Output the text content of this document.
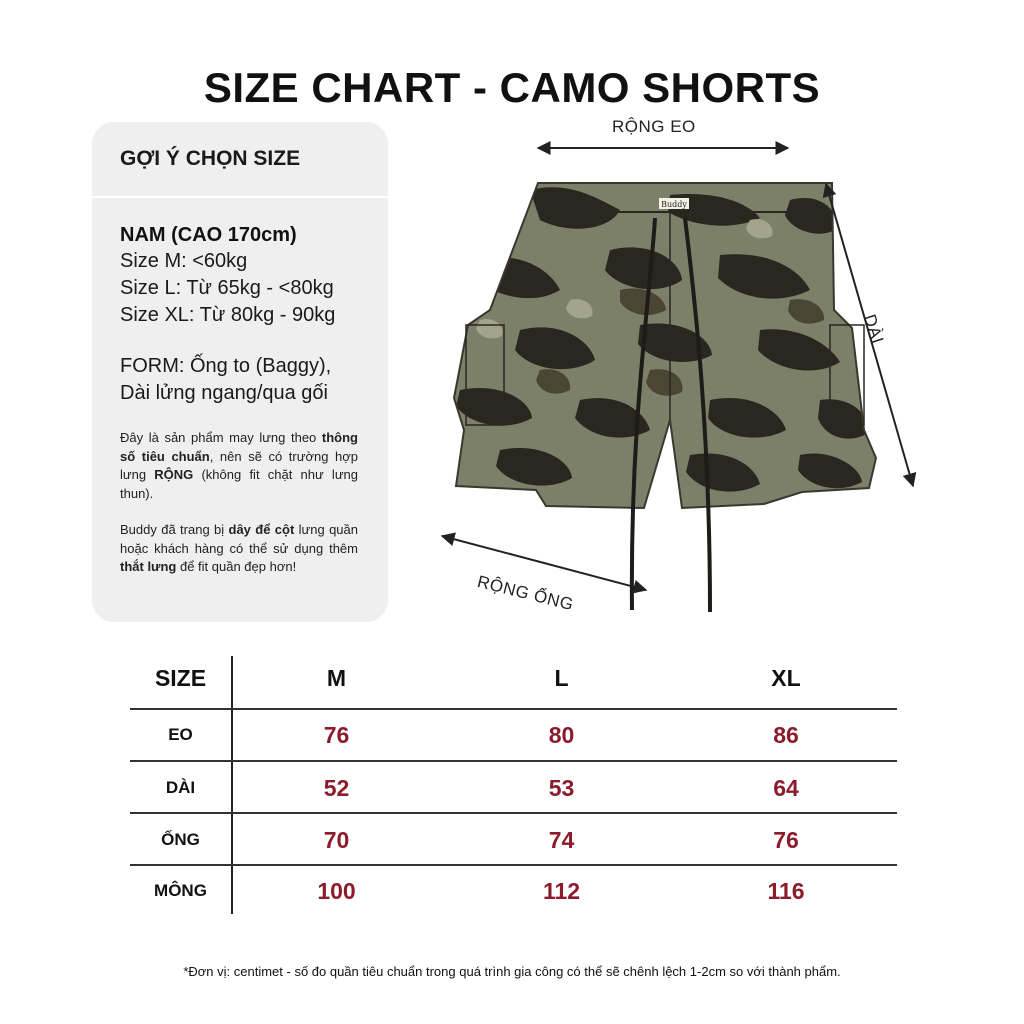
SIZE CHART - CAMO SHORTS
GỢI Ý CHỌN SIZE
NAM (CAO 170cm)
Size M: <60kg
Size L: Từ 65kg - <80kg
Size XL: Từ 80kg - 90kg
FORM: Ống to (Baggy),
Dài lửng ngang/qua gối

Đây là sản phẩm may lưng theo thông số tiêu chuẩn, nên sẽ có trường hợp lưng RỘNG (không fit chặt như lưng thun).

Buddy đã trang bị dây để cột lưng quần hoặc khách hàng có thể sử dụng thêm thắt lưng để fit quần đẹp hơn!

Buddy
RỘNG EO
DÀI
RỘNG ỐNG
SIZE	M	L	XL
EO	76	80	86
DÀI	52	53	64
ỐNG	70	74	76
MÔNG	100	112	116
*Đơn vị: centimet - số đo quần tiêu chuẩn trong quá trình gia công có thể sẽ chênh lệch 1-2cm so với thành phẩm.
